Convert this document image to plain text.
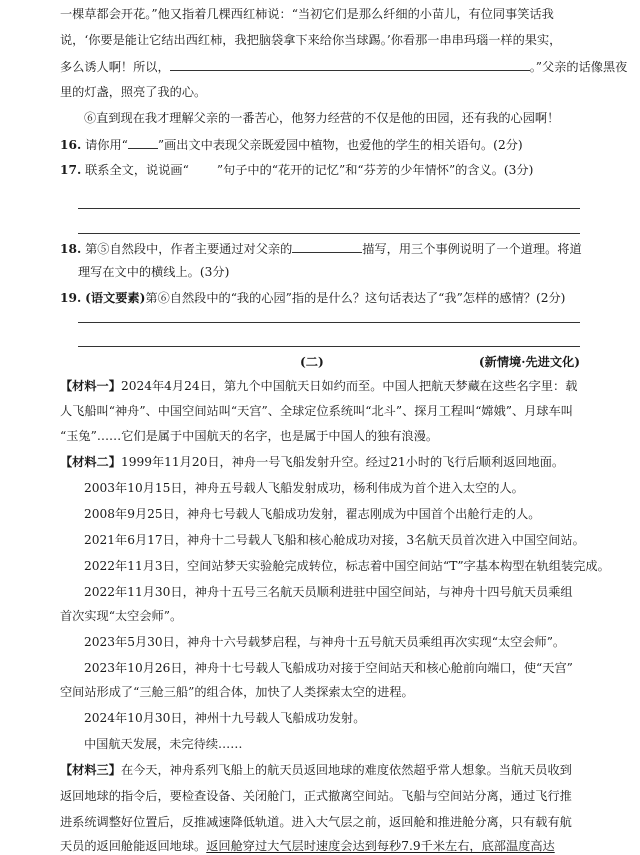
一棵草都会开花。”他又指着几棵西红柿说：“当初它们是那么纤细的小苗儿，有位同事笑话我
说，‘你要是能让它结出西红柿，我把脑袋拿下来给你当球踢。’你看那一串串玛瑙一样的果实，
多么诱人啊！所以，	。”父亲的话像黑夜
里的灯盏，照亮了我的心。
⑥直到现在我才理解父亲的一番苦心，他努力经营的不仅是他的田园，还有我的心园啊！
16. 请你用“ ”画出文中表现父亲既爱园中植物，也爱他的学生的相关语句。(2分)
17. 联系全文，说说画“ ”句子中的“花开的记忆”和“芬芳的少年情怀”的含义。(3分)
18. 第⑤自然段中，作者主要通过对父亲的	描写，用三个事例说明了一个道理。将道
理写在文中的横线上。(3分)
19. (语文要素)第⑥自然段中的“我的心园”指的是什么？这句话表达了“我”怎样的感情？(2分)
(二)	(新情境·先进文化)
【材料一】2024年4月24日，第九个中国航天日如约而至。中国人把航天梦藏在这些名字里：载
人飞船叫“神舟”、中国空间站叫“天宫”、全球定位系统叫“北斗”、探月工程叫“嫦娥”、月球车叫
“玉兔”……它们是属于中国航天的名字，也是属于中国人的独有浪漫。
【材料二】1999年11月20日，神舟一号飞船发射升空。经过21小时的飞行后顺利返回地面。
2003年10月15日，神舟五号载人飞船发射成功，杨利伟成为首个进入太空的人。
2008年9月25日，神舟七号载人飞船成功发射，翟志刚成为中国首个出舱行走的人。
2021年6月17日，神舟十二号载人飞船和核心舱成功对接，3名航天员首次进入中国空间站。
2022年11月3日，空间站梦天实验舱完成转位，标志着中国空间站“T”字基本构型在轨组装完成。
2022年11月30日，神舟十五号三名航天员顺利进驻中国空间站，与神舟十四号航天员乘组
首次实现“太空会师”。
2023年5月30日，神舟十六号载梦启程，与神舟十五号航天员乘组再次实现“太空会师”。
2023年10月26日，神舟十七号载人飞船成功对接于空间站天和核心舱前向端口，使“天宫”
空间站形成了“三舱三船”的组合体，加快了人类探索太空的进程。
2024年10月30日，神州十九号载人飞船成功发射。
中国航天发展，未完待续……
【材料三】在今天，神舟系列飞船上的航天员返回地球的难度依然超乎常人想象。当航天员收到
返回地球的指令后，要检查设备、关闭舱门，正式撤离空间站。飞船与空间站分离，通过飞行推
进系统调整好位置后，反推减速降低轨道。进入大气层之前，返回舱和推进舱分离，只有载有航
天员的返回舱能返回地球。返回舱穿过大气层时速度会达到每秒7.9千米左右，底部温度高达
